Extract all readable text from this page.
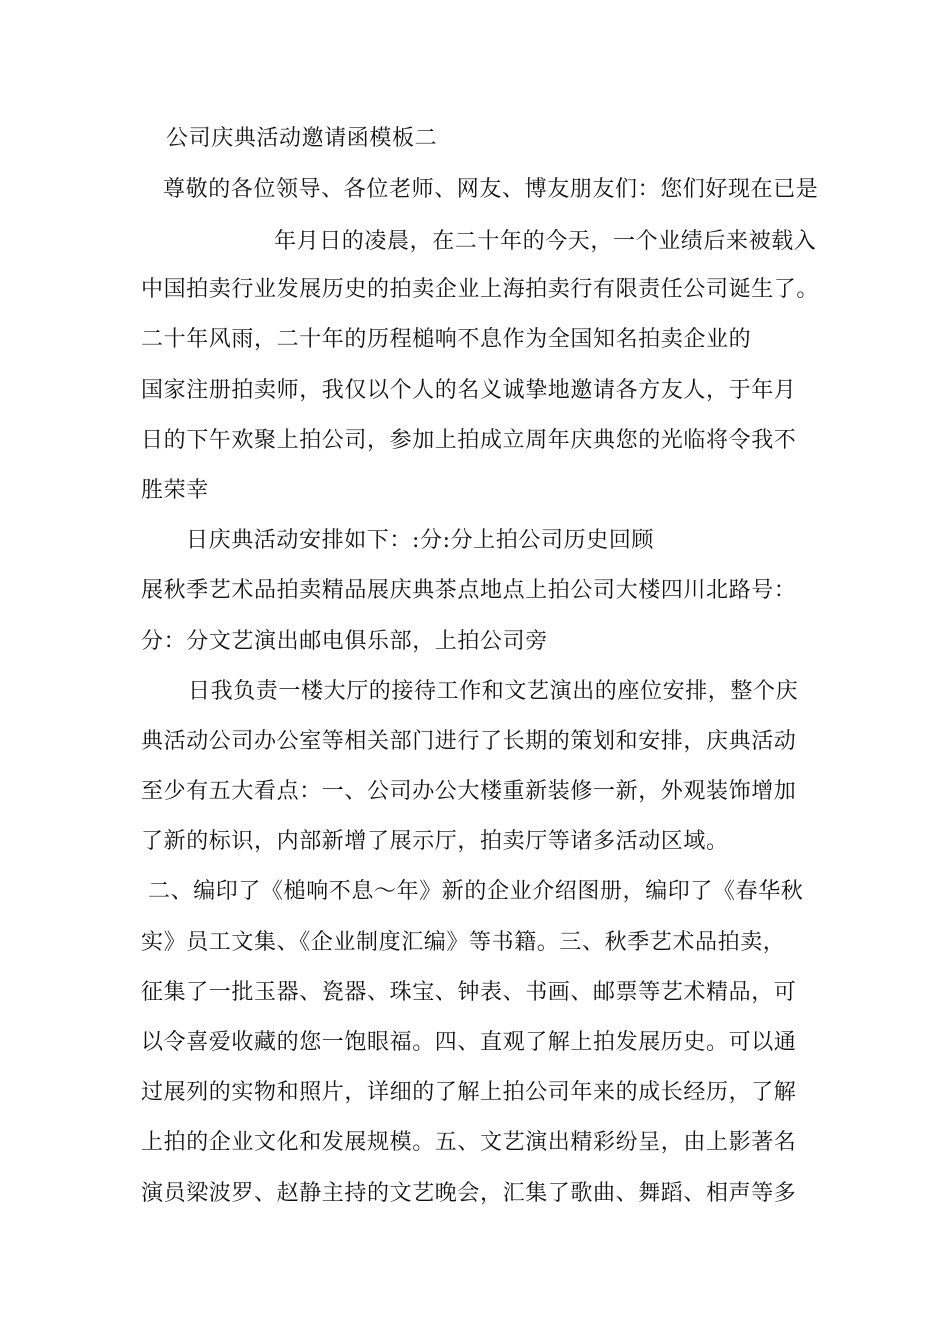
公司庆典活动邀请函模板二
尊敬的各位领导、各位老师、网友、博友朋友们：您们好现在已是
年月日的凌晨，在二十年的今天，一个业绩后来被载入
中国拍卖行业发展历史的拍卖企业上海拍卖行有限责任公司诞生了。
二十年风雨，二十年的历程槌响不息作为全国知名拍卖企业的
国家注册拍卖师，我仅以个人的名义诚挚地邀请各方友人，于年月
日的下午欢聚上拍公司，参加上拍成立周年庆典您的光临将令我不
胜荣幸
日庆典活动安排如下：:分:分上拍公司历史回顾
展秋季艺术品拍卖精品展庆典茶点地点上拍公司大楼四川北路号：
分：分文艺演出邮电俱乐部，上拍公司旁
日我负责一楼大厅的接待工作和文艺演出的座位安排，整个庆
典活动公司办公室等相关部门进行了长期的策划和安排，庆典活动
至少有五大看点：一、公司办公大楼重新装修一新，外观装饰增加
了新的标识，内部新增了展示厅，拍卖厅等诸多活动区域。
二、编印了《槌响不息〜年》新的企业介绍图册，编印了《春华秋
实》员工文集、《企业制度汇编》等书籍。三、秋季艺术品拍卖，
征集了一批玉器、瓷器、珠宝、钟表、书画、邮票等艺术精品，可
以令喜爱收藏的您一饱眼福。四、直观了解上拍发展历史。可以通
过展列的实物和照片，详细的了解上拍公司年来的成长经历，了解
上拍的企业文化和发展规模。五、文艺演出精彩纷呈，由上影著名
演员梁波罗、赵静主持的文艺晚会，汇集了歌曲、舞蹈、相声等多
